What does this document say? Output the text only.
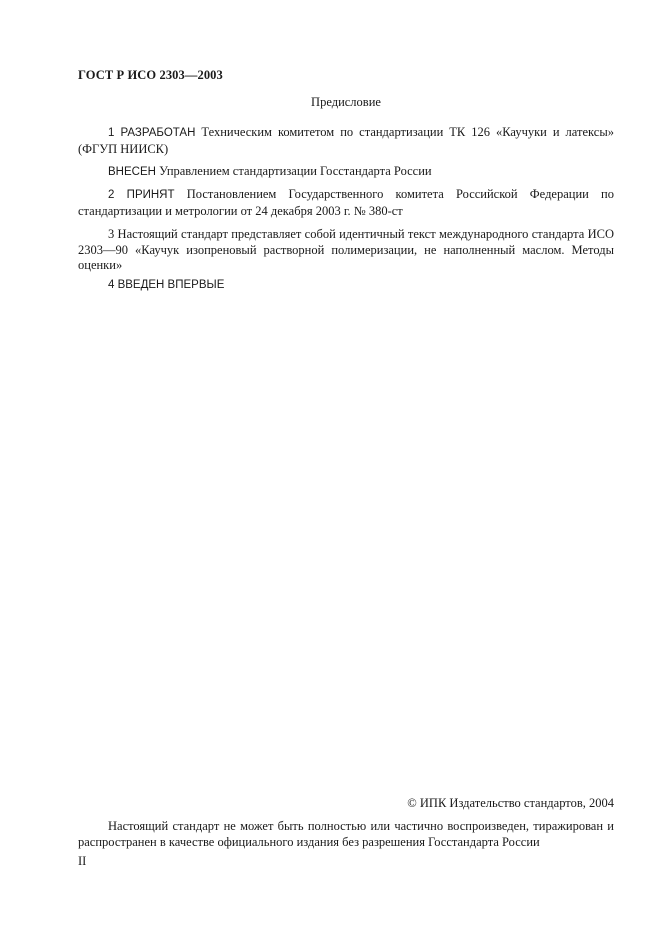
ГОСТ Р ИСО 2303—2003
Предисловие
1 РАЗРАБОТАН Техническим комитетом по стандартизации ТК 126 «Каучуки и латексы» (ФГУП НИИСК)
ВНЕСЕН Управлением стандартизации Госстандарта России
2 ПРИНЯТ Постановлением Государственного комитета Российской Федерации по стандартизации и метрологии от 24 декабря 2003 г. № 380-ст
3 Настоящий стандарт представляет собой идентичный текст международного стандарта ИСО 2303—90 «Каучук изопреновый растворной полимеризации, не наполненный маслом. Методы оценки»
4 ВВЕДЕН ВПЕРВЫЕ
© ИПК Издательство стандартов, 2004
Настоящий стандарт не может быть полностью или частично воспроизведен, тиражирован и распространен в качестве официального издания без разрешения Госстандарта России
II
